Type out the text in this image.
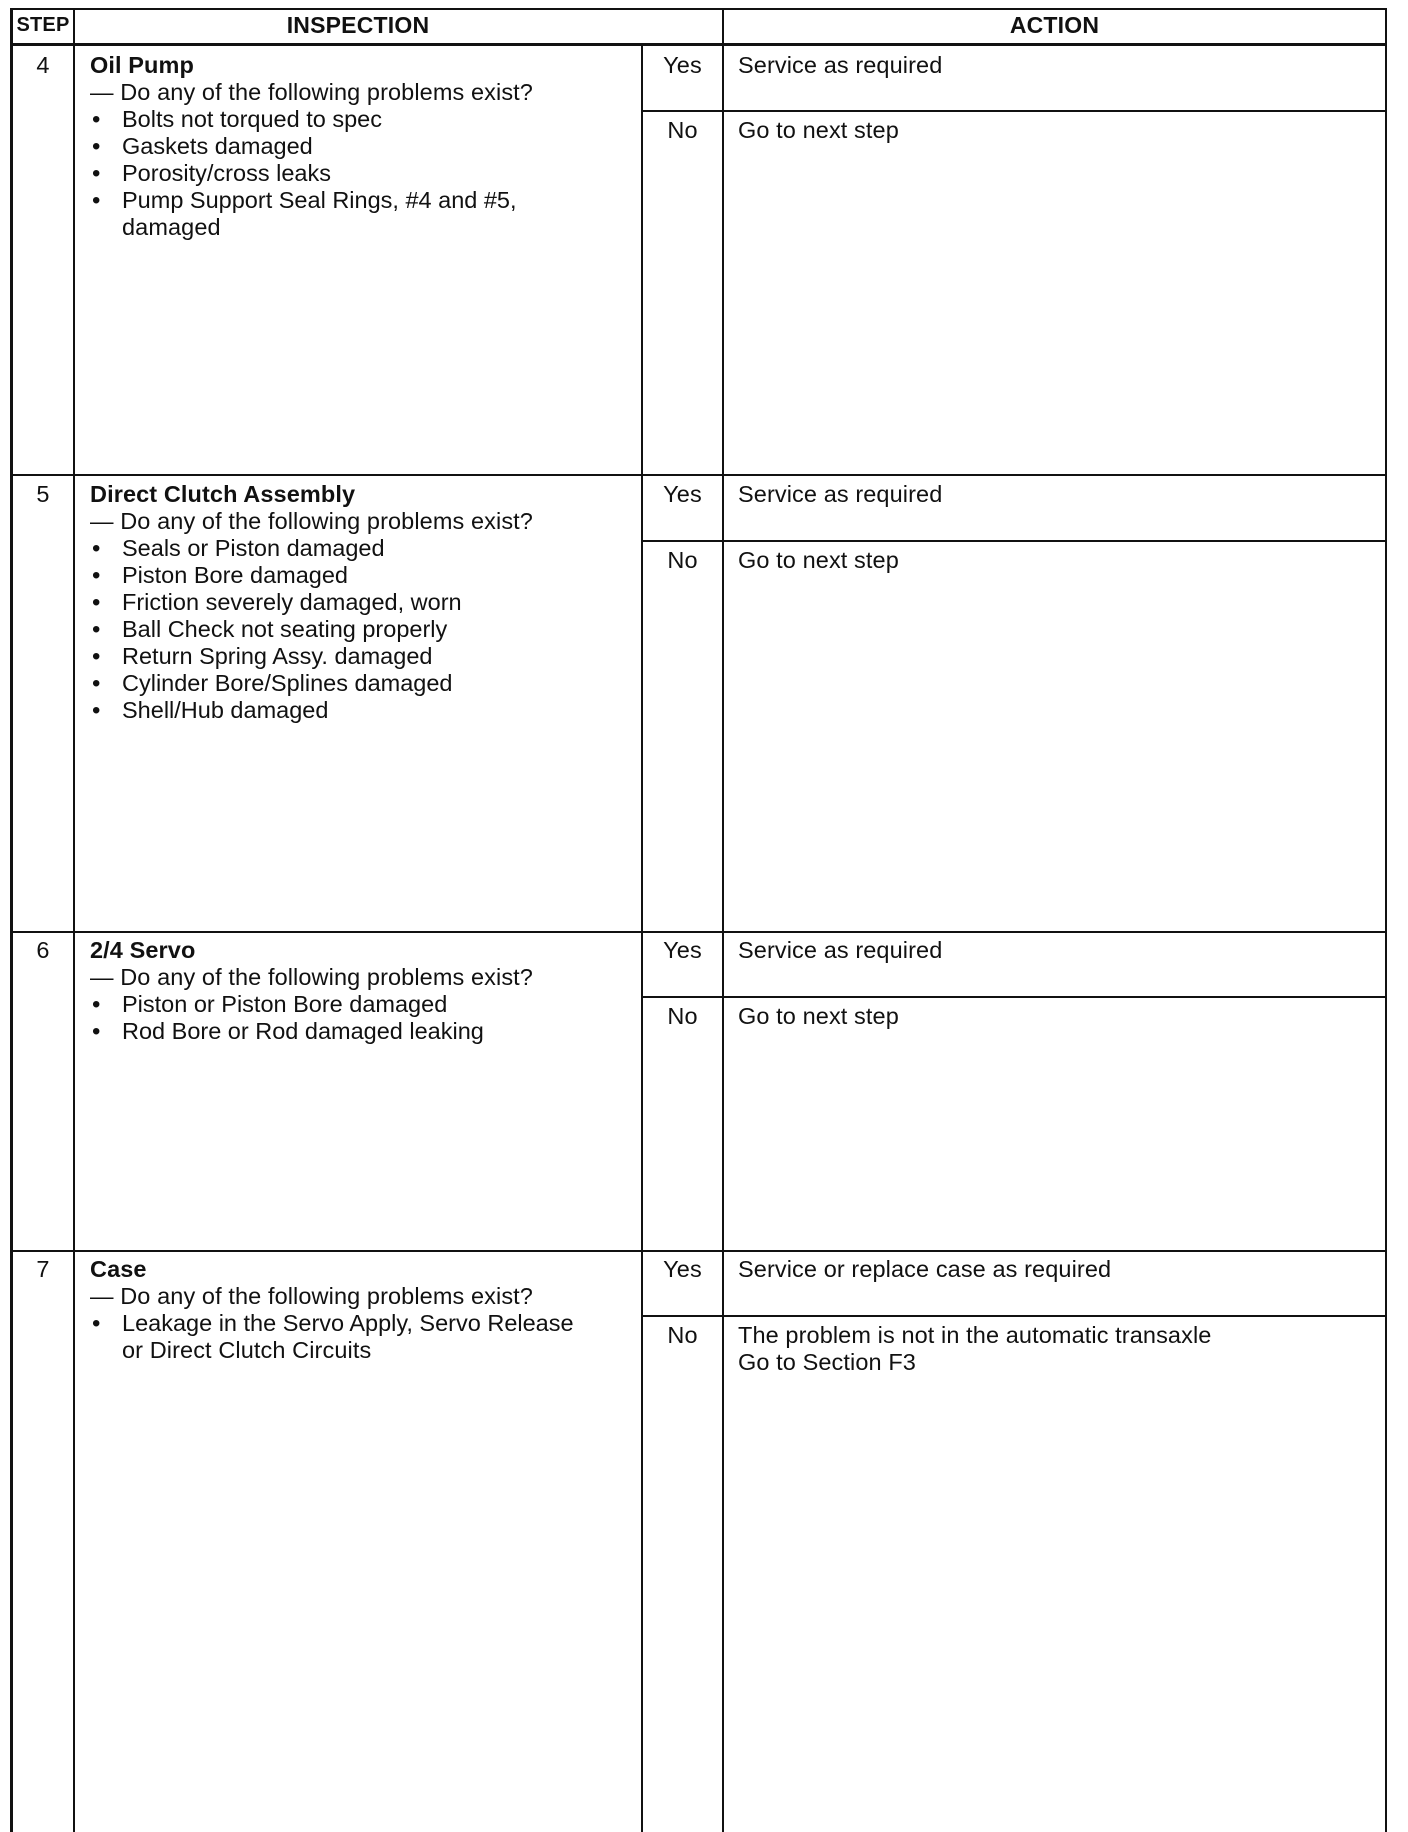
STEP	INSPECTION	ACTION
4	Oil Pump
— Do any of the following problems exist?
• Bolts not torqued to spec
• Gaskets damaged
• Porosity/cross leaks
• Pump Support Seal Rings, #4 and #5,
damaged
Yes	Service as required
No	Go to next step
5	Direct Clutch Assembly
— Do any of the following problems exist?
• Seals or Piston damaged
• Piston Bore damaged
• Friction severely damaged, worn
• Ball Check not seating properly
• Return Spring Assy. damaged
• Cylinder Bore/Splines damaged
• Shell/Hub damaged
Yes	Service as required
No	Go to next step
6	2/4 Servo
— Do any of the following problems exist?
• Piston or Piston Bore damaged
• Rod Bore or Rod damaged leaking
Yes	Service as required
No	Go to next step
7	Case
— Do any of the following problems exist?
• Leakage in the Servo Apply, Servo Release
or Direct Clutch Circuits
Yes	Service or replace case as required
No	The problem is not in the automatic transaxle
Go to Section F3
